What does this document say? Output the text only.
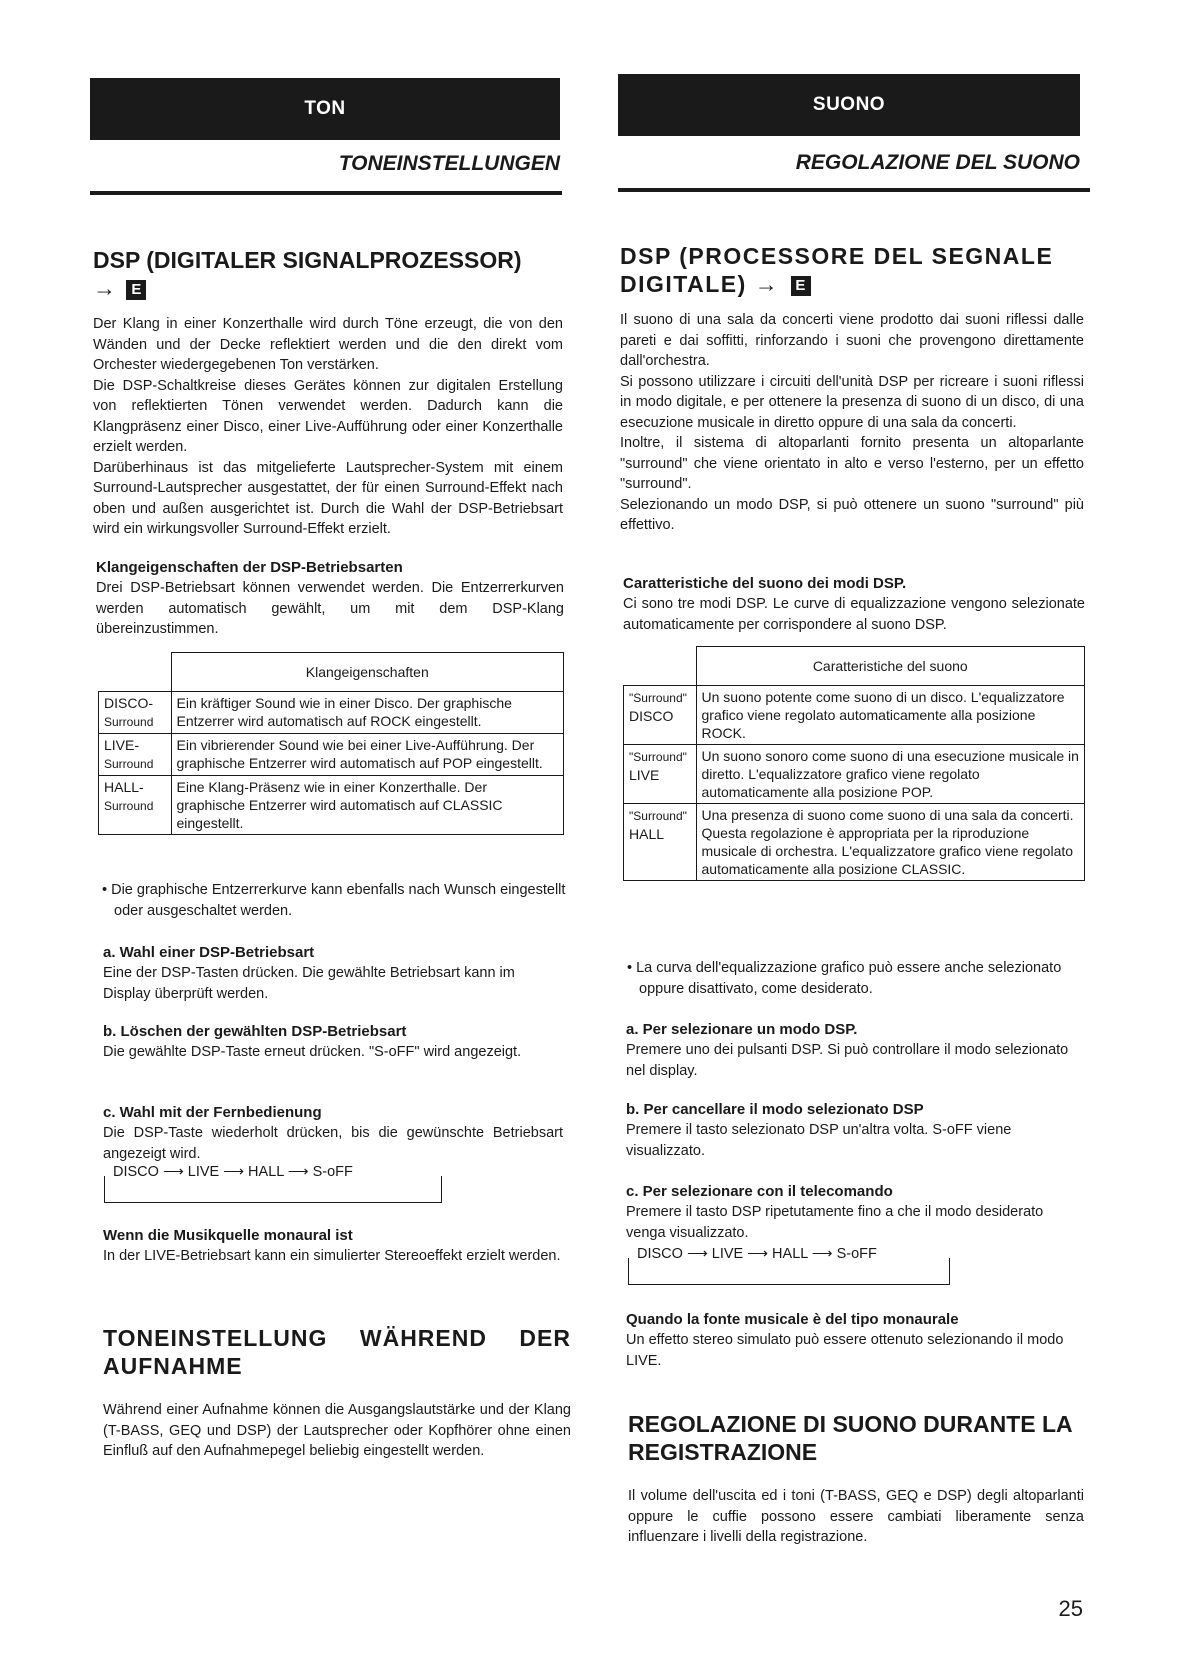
TON
TONEINSTELLUNGEN
DSP (DIGITALER SIGNALPROZESSOR)
→ E
Der Klang in einer Konzerthalle wird durch Töne erzeugt, die von den Wänden und der Decke reflektiert werden und die den direkt vom Orchester wiedergegebenen Ton verstärken.
Die DSP-Schaltkreise dieses Gerätes können zur digitalen Erstellung von reflektierten Tönen verwendet werden. Dadurch kann die Klangpräsenz einer Disco, einer Live-Aufführung oder einer Konzerthalle erzielt werden.
Darüberhinaus ist das mitgelieferte Lautsprecher-System mit einem Surround-Lautsprecher ausgestattet, der für einen Surround-Effekt nach oben und außen ausgerichtet ist. Durch die Wahl der DSP-Betriebsart wird ein wirkungsvoller Surround-Effekt erzielt.
Klangeigenschaften der DSP-Betriebsarten
Drei DSP-Betriebsart können verwendet werden. Die Entzerrerkurven werden automatisch gewählt, um mit dem DSP-Klang übereinzustimmen.
	Klangeigenschaften
DISCO-
Surround	Ein kräftiger Sound wie in einer Disco. Der graphische Entzerrer wird automatisch auf ROCK eingestellt.
LIVE-
Surround	Ein vibrierender Sound wie bei einer Live-Aufführung. Der graphische Entzerrer wird automatisch auf POP eingestellt.
HALL-
Surround	Eine Klang-Präsenz wie in einer Konzerthalle. Der graphische Entzerrer wird automatisch auf CLASSIC eingestellt.
• Die graphische Entzerrerkurve kann ebenfalls nach Wunsch eingestellt oder ausgeschaltet werden.
a. Wahl einer DSP-Betriebsart
Eine der DSP-Tasten drücken. Die gewählte Betriebsart kann im Display überprüft werden.
b. Löschen der gewählten DSP-Betriebsart
Die gewählte DSP-Taste erneut drücken. "S-oFF" wird angezeigt.
c. Wahl mit der Fernbedienung
Die DSP-Taste wiederholt drücken, bis die gewünschte Betriebsart angezeigt wird.
DISCO ⟶ LIVE ⟶ HALL ⟶ S-oFF
Wenn die Musikquelle monaural ist
In der LIVE-Betriebsart kann ein simulierter Stereoeffekt erzielt werden.
TONEINSTELLUNG WÄHREND DER AUFNAHME
Während einer Aufnahme können die Ausgangslautstärke und der Klang (T-BASS, GEQ und DSP) der Lautsprecher oder Kopfhörer ohne einen Einfluß auf den Aufnahmepegel beliebig eingestellt werden.
SUONO
REGOLAZIONE DEL SUONO
DSP (PROCESSORE DEL SEGNALE DIGITALE) → E
Il suono di una sala da concerti viene prodotto dai suoni riflessi dalle pareti e dai soffitti, rinforzando i suoni che provengono direttamente dall'orchestra.
Si possono utilizzare i circuiti dell'unità DSP per ricreare i suoni riflessi in modo digitale, e per ottenere la presenza di suono di un disco, di una esecuzione musicale in diretto oppure di una sala da concerti.
Inoltre, il sistema di altoparlanti fornito presenta un altoparlante "surround" che viene orientato in alto e verso l'esterno, per un effetto "surround".
Selezionando un modo DSP, si può ottenere un suono "surround" più effettivo.
Caratteristiche del suono dei modi DSP.
Ci sono tre modi DSP. Le curve di equalizzazione vengono selezionate automaticamente per corrispondere al suono DSP.
	Caratteristiche del suono
"Surround"
DISCO	Un suono potente come suono di un disco. L'equalizzatore grafico viene regolato automaticamente alla posizione ROCK.
"Surround"
LIVE	Un suono sonoro come suono di una esecuzione musicale in diretto. L'equalizzatore grafico viene regolato automaticamente alla posizione POP.
"Surround"
HALL	Una presenza di suono come suono di una sala da concerti. Questa regolazione è appropriata per la riproduzione musicale di orchestra. L'equalizzatore grafico viene regolato automaticamente alla posizione CLASSIC.
• La curva dell'equalizzazione grafico può essere anche selezionato oppure disattivato, come desiderato.
a. Per selezionare un modo DSP.
Premere uno dei pulsanti DSP. Si può controllare il modo selezionato nel display.
b. Per cancellare il modo selezionato DSP
Premere il tasto selezionato DSP un'altra volta. S-oFF viene visualizzato.
c. Per selezionare con il telecomando
Premere il tasto DSP ripetutamente fino a che il modo desiderato venga visualizzato.
DISCO ⟶ LIVE ⟶ HALL ⟶ S-oFF
Quando la fonte musicale è del tipo monaurale
Un effetto stereo simulato può essere ottenuto selezionando il modo LIVE.
REGOLAZIONE DI SUONO DURANTE LA REGISTRAZIONE
Il volume dell'uscita ed i toni (T-BASS, GEQ e DSP) degli altoparlanti oppure le cuffie possono essere cambiati liberamente senza influenzare i livelli della registrazione.
25
